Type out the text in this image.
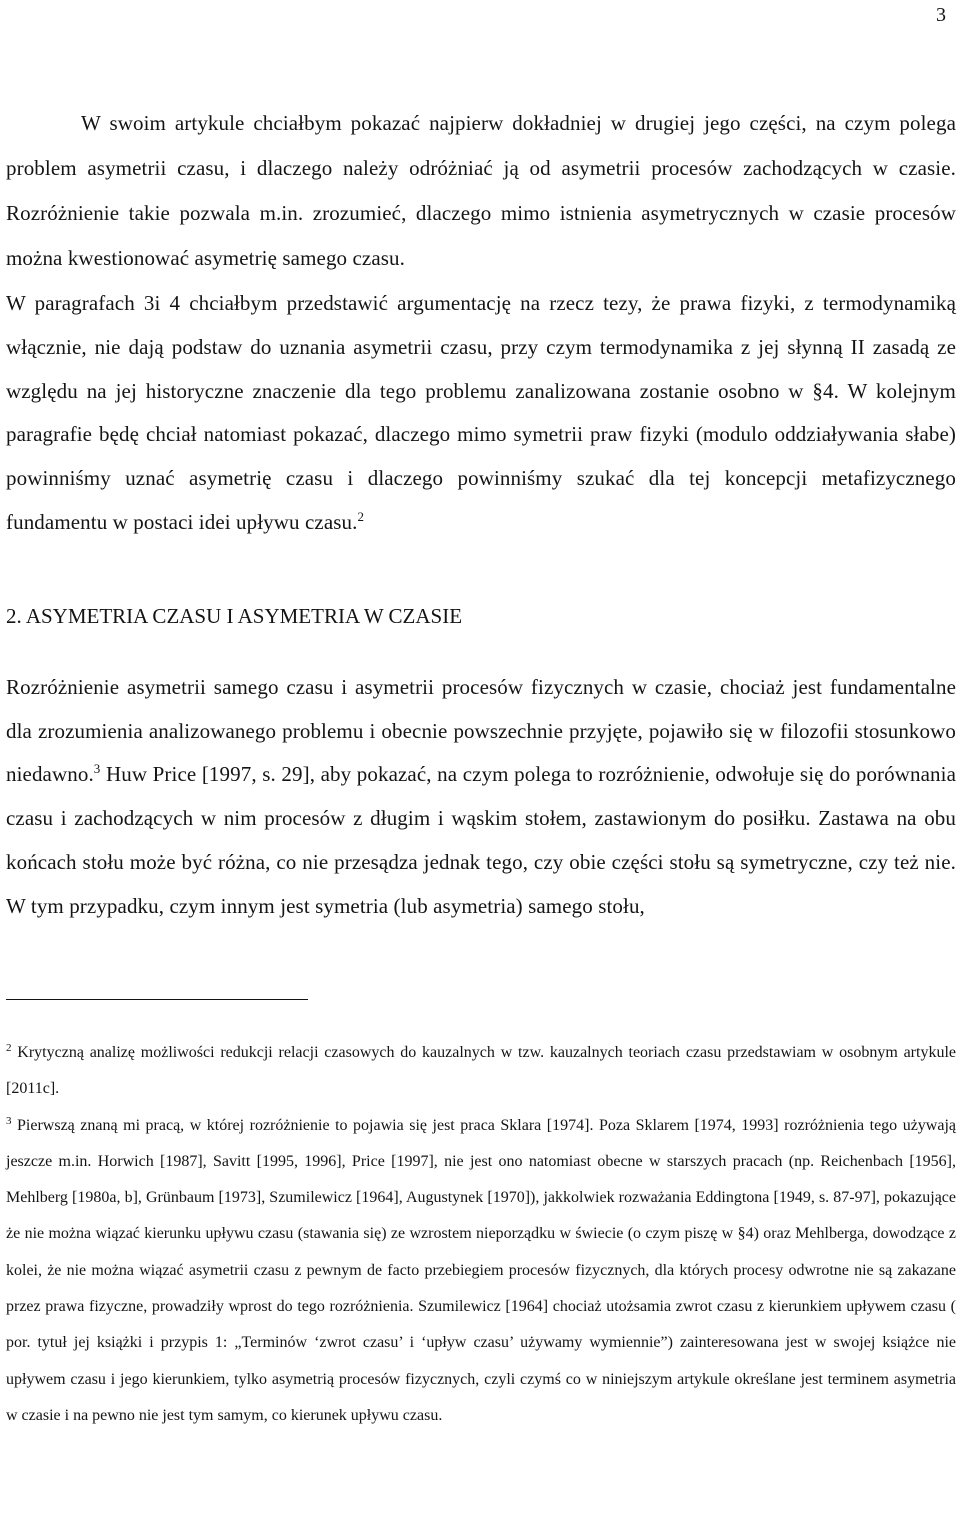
3

W swoim artykule chciałbym pokazać najpierw dokładniej w drugiej jego części, na czym polega problem asymetrii czasu, i dlaczego należy odróżniać ją od asymetrii procesów zachodzących w czasie. Rozróżnienie takie pozwala m.in. zrozumieć, dlaczego mimo istnienia asymetrycznych w czasie procesów można kwestionować asymetrię samego czasu.

W paragrafach 3i 4 chciałbym przedstawić argumentację na rzecz tezy, że prawa fizyki, z termodynamiką włącznie, nie dają podstaw do uznania asymetrii czasu, przy czym termodynamika z jej słynną II zasadą ze względu na jej historyczne znaczenie dla tego problemu zanalizowana zostanie osobno w §4. W kolejnym paragrafie będę chciał natomiast pokazać, dlaczego mimo symetrii praw fizyki (modulo oddziaływania słabe) powinniśmy uznać asymetrię czasu i dlaczego powinniśmy szukać dla tej koncepcji metafizycznego fundamentu w postaci idei upływu czasu.$^2$

2. ASYMETRIA CZASU I ASYMETRIA W CZASIE

Rozróżnienie asymetrii samego czasu i asymetrii procesów fizycznych w czasie, chociaż jest fundamentalne dla zrozumienia analizowanego problemu i obecnie powszechnie przyjęte, pojawiło się w filozofii stosunkowo niedawno.$^3$ Huw Price [1997, s. 29], aby pokazać, na czym polega to rozróżnienie, odwołuje się do porównania czasu i zachodzących w nim procesów z długim i wąskim stołem, zastawionym do posiłku. Zastawa na obu końcach stołu może być różna, co nie przesądza jednak tego, czy obie części stołu są symetryczne, czy też nie. W tym przypadku, czym innym jest symetria (lub asymetria) samego stołu,

$^2$ Krytyczną analizę możliwości redukcji relacji czasowych do kauzalnych w tzw. kauzalnych teoriach czasu przedstawiam w osobnym artykule [2011c].

$^3$ Pierwszą znaną mi pracą, w której rozróżnienie to pojawia się jest praca Sklara [1974]. Poza Sklarem [1974, 1993] rozróżnienia tego używają jeszcze m.in. Horwich [1987], Savitt [1995, 1996], Price [1997], nie jest ono natomiast obecne w starszych pracach (np. Reichenbach [1956], Mehlberg [1980a, b], Grünbaum [1973], Szumilewicz [1964], Augustynek [1970]), jakkolwiek rozważania Eddingtona [1949, s. 87-97], pokazujące że nie można wiązać kierunku upływu czasu (stawania się) ze wzrostem nieporządku w świecie (o czym piszę w §4) oraz Mehlberga, dowodzące z kolei, że nie można wiązać asymetrii czasu z pewnym de facto przebiegiem procesów fizycznych, dla których procesy odwrotne nie są zakazane przez prawa fizyczne, prowadziły wprost do tego rozróżnienia. Szumilewicz [1964] chociaż utożsamia zwrot czasu z kierunkiem upływem czasu ( por. tytuł jej książki i przypis 1: „Terminów ‘zwrot czasu’ i ‘upływ czasu’ używamy wymiennie”) zainteresowana jest w swojej książce nie upływem czasu i jego kierunkiem, tylko asymetrią procesów fizycznych, czyli czymś co w niniejszym artykule określane jest terminem asymetria w czasie i na pewno nie jest tym samym, co kierunek upływu czasu.
